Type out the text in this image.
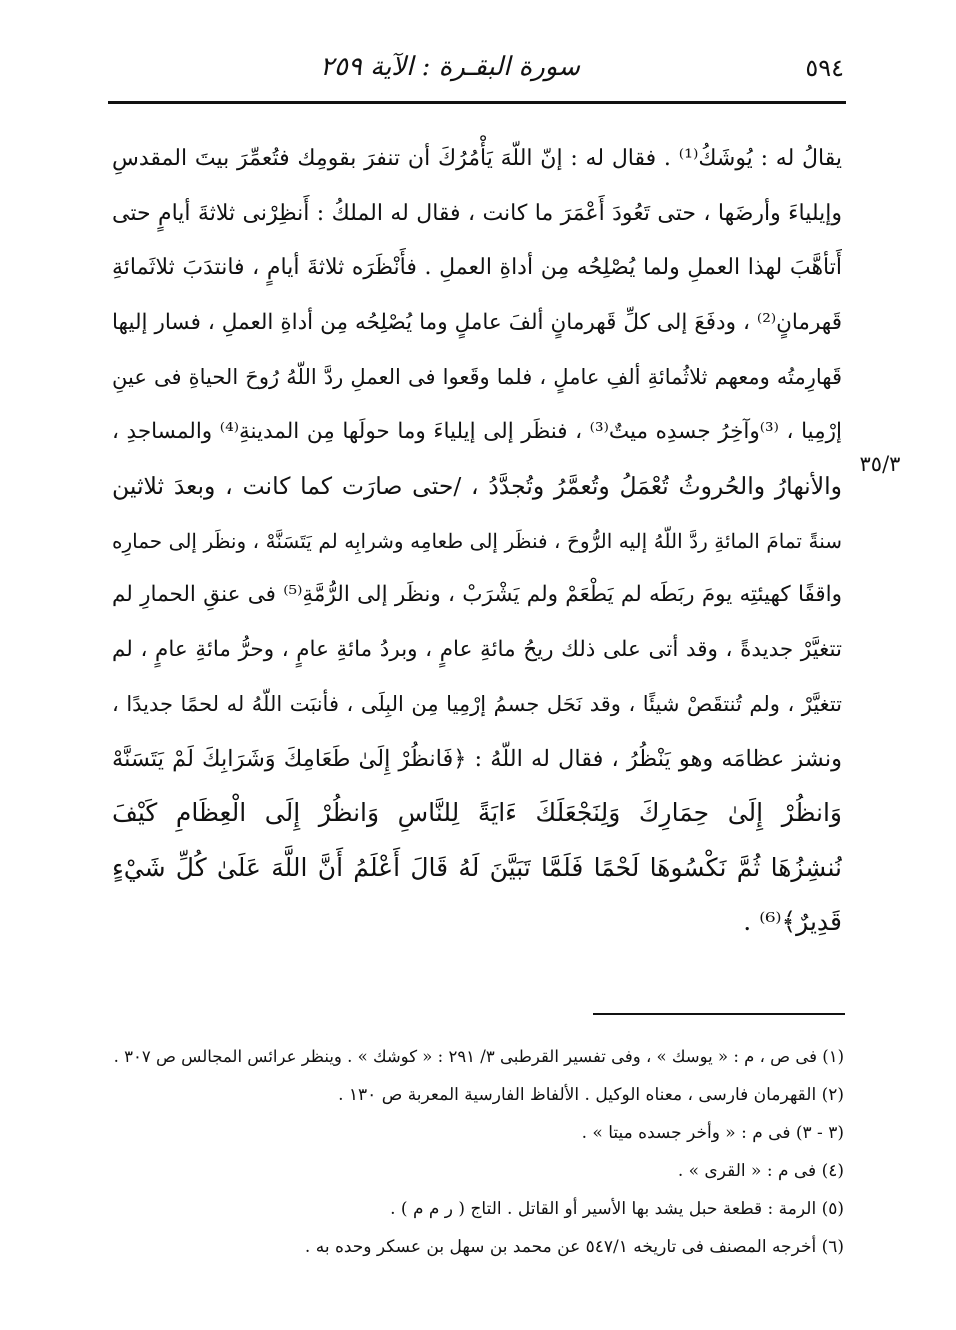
٥٩٤
سورة البقـرة : الآية ٢٥٩
يقالُ له : يُوشَكُ⁽¹⁾ . فقال له : إنّ اللّهَ يَأْمُرُكَ أن تنفرَ بقومِك فتُعمِّرَ بيتَ المقدسِ
وإيلياءَ وأرضَها ، حتى تَعُودَ أَعْمَرَ ما كانت ، فقال له الملكُ : أَنظِرْنى ثلاثةَ أيامٍ حتى
أَتأهَّبَ لهذا العملِ ولما يُصْلِحُه مِن أداةِ العملِ . فأَنْظَرَه ثلاثةَ أيامٍ ، فانتدَبَ ثلاثَمائةِ
قَهرمانٍ⁽²⁾ ، ودفَعَ إلى كلِّ قَهرمانٍ ألفَ عاملٍ وما يُصْلِحُه مِن أداةِ العملِ ، فسار إليها
قَهارِمتُه ومعهم ثلاثُمائةِ ألفِ عاملٍ ، فلما وقَعوا فى العملِ ردَّ اللّهُ رُوحَ الحياةِ فى عينِ
إرْمِيا ، ⁽³⁾وآخِرُ جسدِه ميتٌ⁽³⁾ ، فنظَر إلى إيلياءَ وما حولَها مِن المدينةِ⁽⁴⁾ والمساجدِ ،
والأنهارُ والحُروثُ تُعْمَلُ وتُعمَّرُ وتُجدَّدُ ، /حتى صارَت كما كانت ، وبعدَ ثلاثين
سنةً تمامَ المائةِ ردَّ اللّهُ إليه الرُّوحَ ، فنظَر إلى طعامِه وشرابِه لم يَتَسَنَّهْ ، ونظَر إلى حمارِه
واقفًا كهيئتِه يومَ ربَطَه لم يَطْعَمْ ولم يَشْرَبْ ، ونظَر إلى الرُّمَّةِ⁽⁵⁾ فى عنقِ الحمارِ لم
تتغيَّرْ جديدةً ، وقد أتى على ذلك ريحُ مائةِ عامٍ ، وبردُ مائةِ عامٍ ، وحرُّ مائةِ عامٍ ، لم
تتغيَّرْ ، ولم تُنتقَصْ شيئًا ، وقد نَحَل جسمُ إرْمِيا مِن البِلَى ، فأنبَت اللّهُ له لحمًا جديدًا ،
ونشز عظامَه وهو يَنْظُرُ ، فقال له اللّهُ : ﴿فَانظُرْ إِلَىٰ طَعَامِكَ وَشَرَابِكَ لَمْ يَتَسَنَّهْ
وَانظُرْ إِلَىٰ حِمَارِكَ وَلِنَجْعَلَكَ ءَايَةً لِلنَّاسِ وَانظُرْ إِلَى الْعِظَامِ كَيْفَ
نُنشِزُهَا ثُمَّ نَكْسُوهَا لَحْمًا فَلَمَّا تَبَيَّنَ لَهُ قَالَ أَعْلَمُ أَنَّ اللَّهَ عَلَىٰ كُلِّ شَيْءٍ
قَدِيرٌ﴾⁽⁶⁾ .
٣٥/٣
(١) فى ص ، م : « يوسك » ، وفى تفسير القرطبى ٣/ ٢٩١ : « كوشك » . وينظر عرائس المجالس ص ٣٠٧ .
(٢) القهرمان فارسى ، معناه الوكيل . الألفاظ الفارسية المعربة ص ١٣٠ .
(٣ - ٣) فى م : « وأخر جسده ميتا » .
(٤) فى م : « القرى » .
(٥) الرمة : قطعة حبل يشد بها الأسير أو القاتل . التاج ( ر م م ) .
(٦) أخرجه المصنف فى تاريخه ٥٤٧/١ عن محمد بن سهل بن عسكر وحده به .
